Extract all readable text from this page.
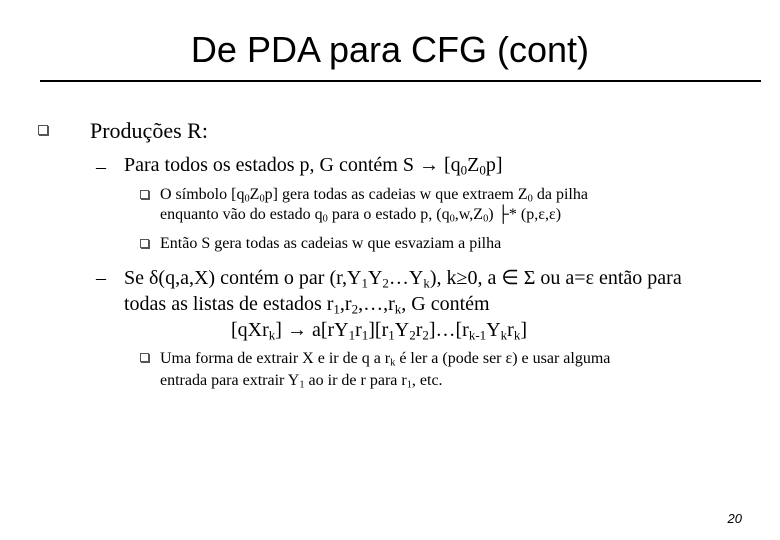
De PDA para CFG (cont)
Produções R:
– Para todos os estados p, G contém $S \to [q_0Z_0p]$
O símbolo $[q_0Z_0p]$ gera todas as cadeias w que extraem $Z_0$ da pilha
enquanto vão do estado $q_0$ para o estado p, $(q_0,w,Z_0)$ ├* (p,ε,ε)
Então S gera todas as cadeias w que esvaziam a pilha
– Se δ(q,a,X) contém o par $(r,Y_1Y_2\dots Y_k)$, k≥0, a ∈ Σ ou a=ε então para
todas as listas de estados $r_1,r_2,\dots,r_k$, G contém
$[qXr_k] \to a[rY_1r_1][r_1Y_2r_2]\dots[r_{k-1}Y_kr_k]$
Uma forma de extrair X e ir de q a $r_k$ é ler a (pode ser ε) e usar alguma
entrada para extrair $Y_1$ ao ir de r para $r_1$, etc.
20
